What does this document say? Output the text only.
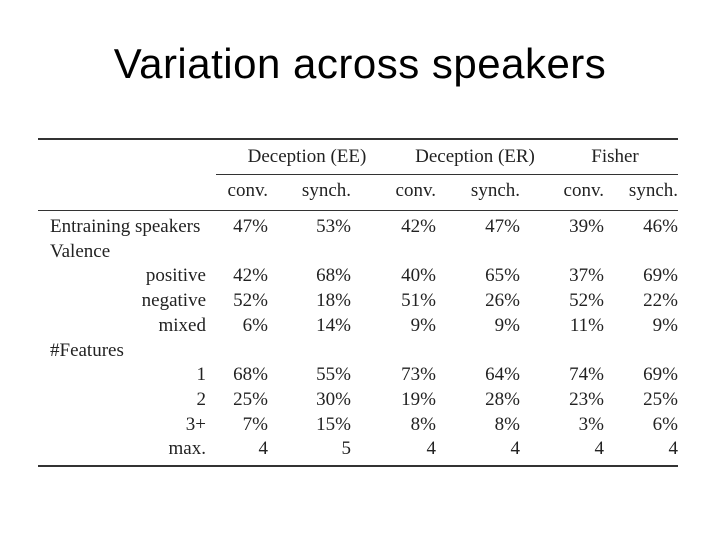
Variation across speakers
Deception (EE)	Deception (ER)	Fisher
conv.	synch.	conv.	synch.	conv.	synch.
Entraining speakers	47%	53%	42%	47%	39%	46%
Valence
positive	42%	68%	40%	65%	37%	69%
negative	52%	18%	51%	26%	52%	22%
mixed	6%	14%	9%	9%	11%	9%
#Features
1	68%	55%	73%	64%	74%	69%
2	25%	30%	19%	28%	23%	25%
3+	7%	15%	8%	8%	3%	6%
max.	4	5	4	4	4	4
